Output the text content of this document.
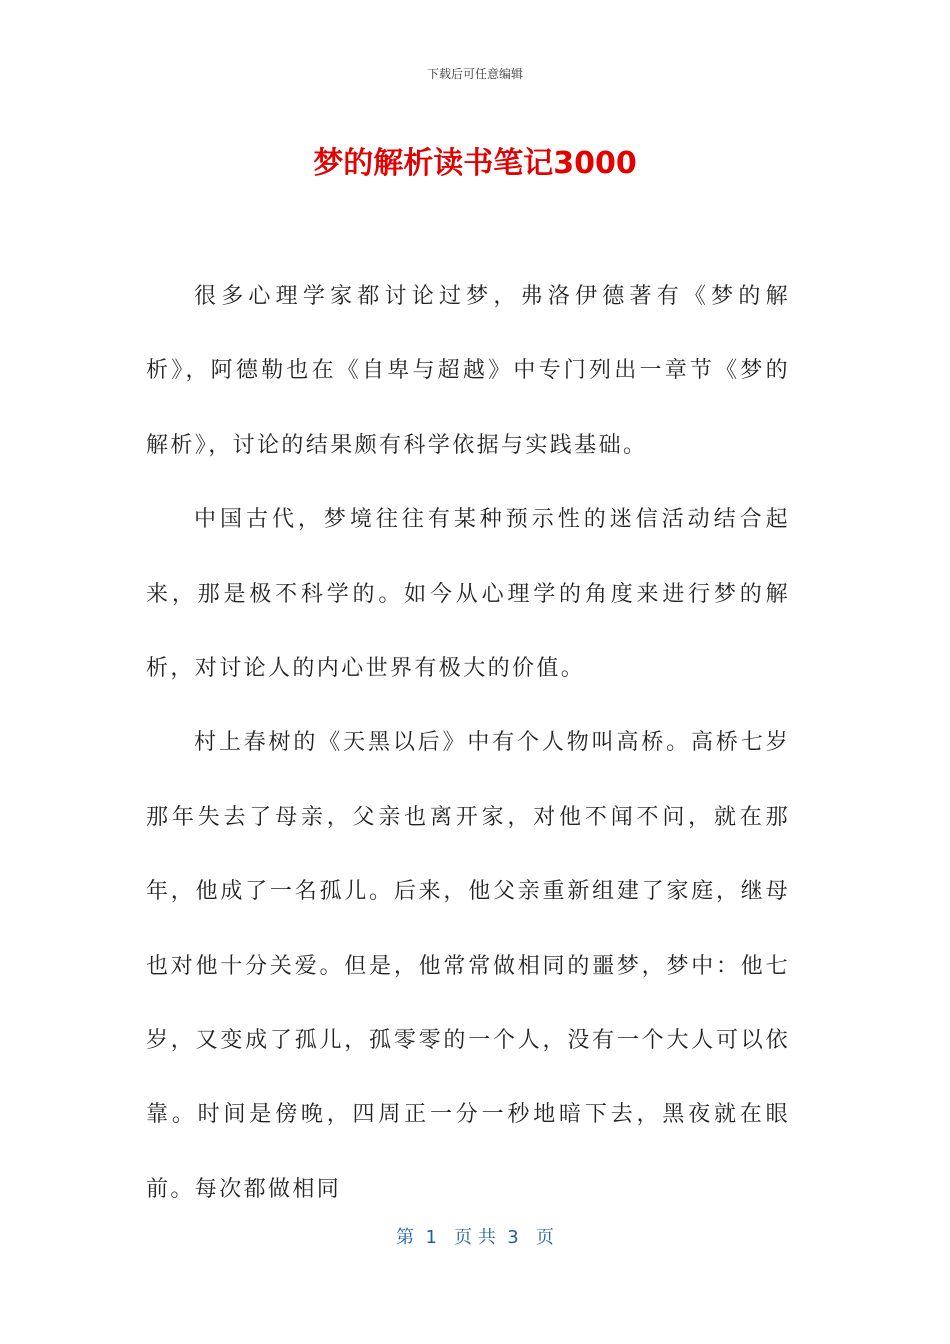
下载后可任意编辑
梦的解析读书笔记3000

很多心理学家都讨论过梦，弗洛伊德著有《梦的解析》，阿德勒也在《自卑与超越》中专门列出一章节《梦的解析》，讨论的结果颇有科学依据与实践基础。

中国古代，梦境往往有某种预示性的迷信活动结合起来，那是极不科学的。如今从心理学的角度来进行梦的解析，对讨论人的内心世界有极大的价值。

村上春树的《天黑以后》中有个人物叫高桥。高桥七岁那年失去了母亲，父亲也离开家，对他不闻不问，就在那年，他成了一名孤儿。后来，他父亲重新组建了家庭，继母也对他十分关爱。但是，他常常做相同的噩梦，梦中：他七岁，又变成了孤儿，孤零零的一个人，没有一个大人可以依靠。时间是傍晚，四周正一分一秒地暗下去，黑夜就在眼前。每次都做相同

第  1   页 共  3   页
